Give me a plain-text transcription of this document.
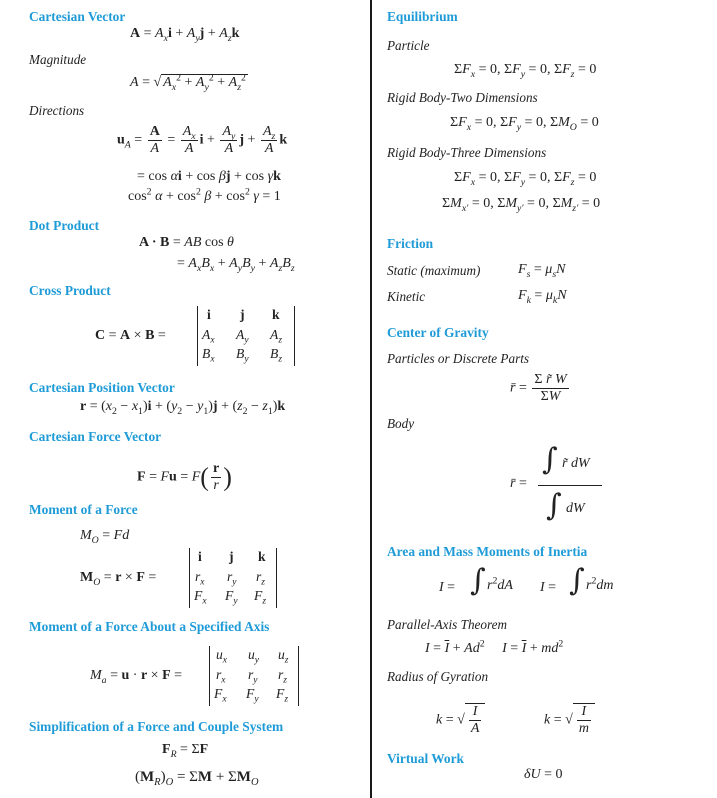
Cartesian Vector
$A = A_xi + A_yj + A_zk$
Magnitude
A = √ $A_x^2 + A_y^2 + A_z^2$
Directions
$u_A = \frac{A}{A} = \frac{A_x}{A}$ $i + \frac{A_y}{A}$ $j + \frac{A_z}{A}$ k
= cos αi + cos βj + cos γk
$\cos^2 \alpha + \cos^2 \beta + \cos^2 \gamma = 1$
Dot Product
A · B = AB cos θ
= $A_xB_x + A_yB_y + A_zB_z$
Cross Product
C = A × B =
i j k
$A_x$ $A_y$ $A_z$
$B_x$ $B_y$ $B_z$
Cartesian Position Vector
$r = (x_2 - x_1)i + (y_2 - y_1)j + (z_2 - z_1)k$
Cartesian Force Vector
$F = Fu = F( \frac{r}{r}$ )
Moment of a Force
$M_O = Fd$
$M_O = r \times F$ =
i j k
$r_x$ $r_y$ $r_z$
$F_x$ $F_y$ $F_z$
Moment of a Force About a Specified Axis
$M_a = u \cdot r \times F$ =
$u_x$ $u_y$ $u_z$
$r_x$ $r_y$ $r_z$
$F_x$ $F_y$ $F_z$
Simplification of a Force and Couple System
$F_R = \Sigma F$
$(M_R)_O = \Sigma M + \Sigma M_O$
Equilibrium
Particle
$\Sigma F_x = 0$, $\Sigma F_y = 0$, $\Sigma F_z = 0$
Rigid Body-Two Dimensions
$\Sigma F_x = 0$, $\Sigma F_y = 0$, $\Sigma M_O = 0$
Rigid Body-Three Dimensions
$\Sigma F_x = 0$, $\Sigma F_y = 0$, $\Sigma F_z = 0$
$\Sigma M_{x'} = 0$, $\Sigma M_{y'} = 0$, $\Sigma M_{z'} = 0$
Friction
Static (maximum)	$F_s = \mu_sN$
Kinetic	$F_k = \mu_kN$
Center of Gravity
Particles or Discrete Parts
r̄ = $\frac{\text{Σ r̃ W}}{\Sigma W}$
Body
r̄ =
∫ r̃ dW
∫ dW
Area and Mass Moments of Inertia
I = ∫ $r^2dA$ I = ∫ $r^2dm$
Parallel-Axis Theorem
$I = \overline{I} + Ad^2$ $I = \overline{I} + md^2$
Radius of Gyration
k = √ $\frac{I}{A}$	k = √ $\frac{I}{m}$
Virtual Work
δU = 0
